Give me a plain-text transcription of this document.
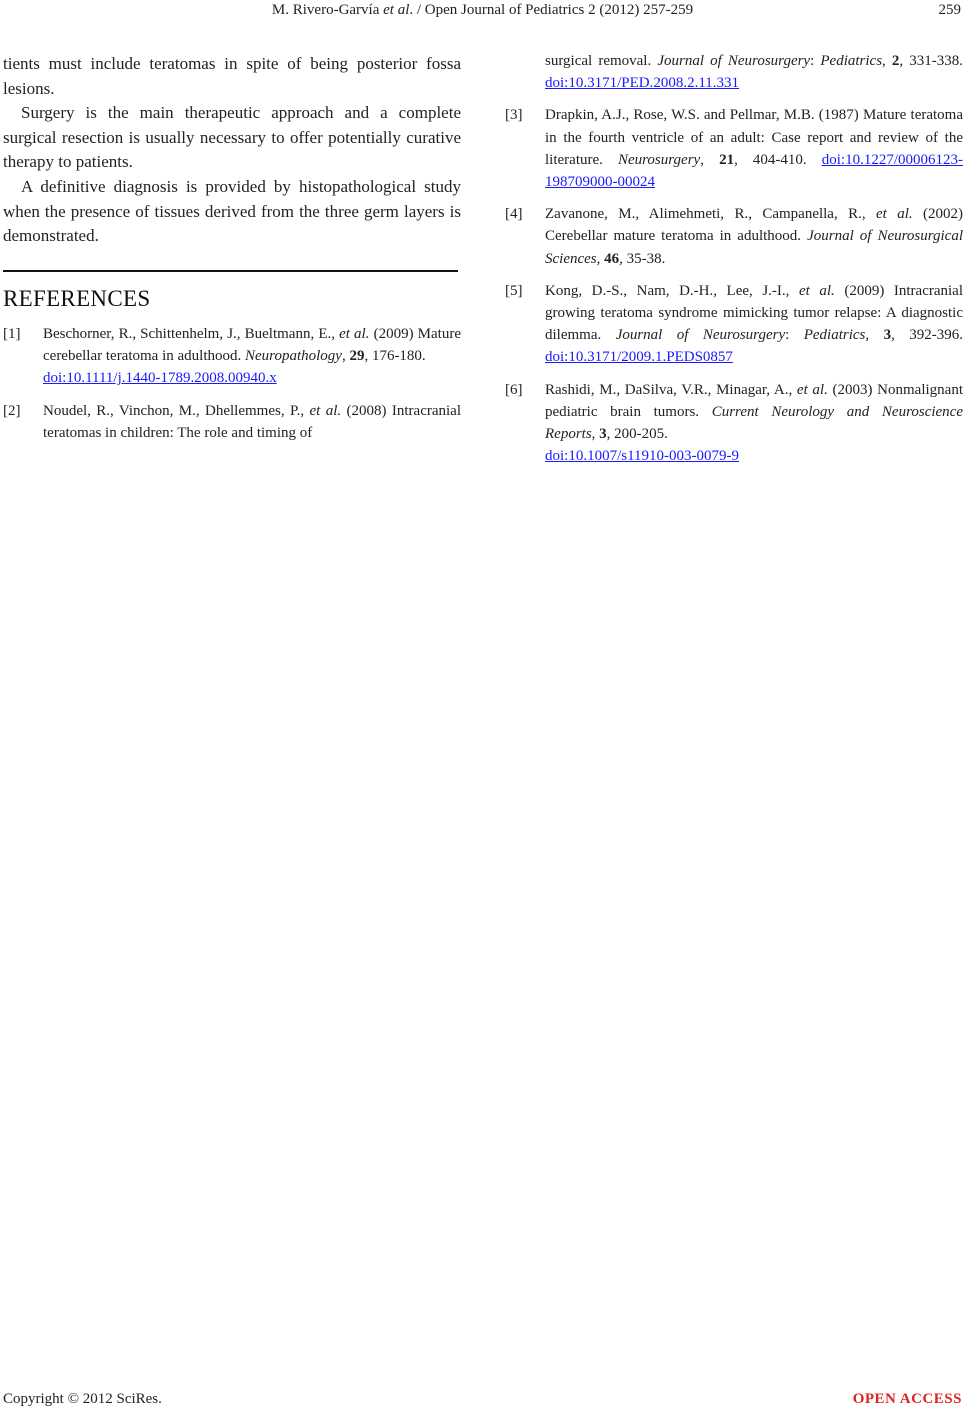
M. Rivero-Garvía et al. / Open Journal of Pediatrics 2 (2012) 257-259	259

tients must include teratomas in spite of being posterior fossa lesions.

Surgery is the main therapeutic approach and a complete surgical resection is usually necessary to offer potentially curative therapy to patients.

A definitive diagnosis is provided by histopathological study when the presence of tissues derived from the three germ layers is demonstrated.

REFERENCES

[1] Beschorner, R., Schittenhelm, J., Bueltmann, E., et al. (2009) Mature cerebellar teratoma in adulthood. Neuropathology, 29, 176-180.
doi:10.1111/j.1440-1789.2008.00940.x

[2] Noudel, R., Vinchon, M., Dhellemmes, P., et al. (2008) Intracranial teratomas in children: The role and timing of

surgical removal. Journal of Neurosurgery: Pediatrics, 2, 331-338. doi:10.3171/PED.2008.2.11.331

[3] Drapkin, A.J., Rose, W.S. and Pellmar, M.B. (1987) Mature teratoma in the fourth ventricle of an adult: Case report and review of the literature. Neurosurgery, 21, 404-410. doi:10.1227/00006123-198709000-00024

[4] Zavanone, M., Alimehmeti, R., Campanella, R., et al. (2002) Cerebellar mature teratoma in adulthood. Journal of Neurosurgical Sciences, 46, 35-38.

[5] Kong, D.-S., Nam, D.-H., Lee, J.-I., et al. (2009) Intracranial growing teratoma syndrome mimicking tumor relapse: A diagnostic dilemma. Journal of Neurosurgery: Pediatrics, 3, 392-396. doi:10.3171/2009.1.PEDS0857

[6] Rashidi, M., DaSilva, V.R., Minagar, A., et al. (2003) Nonmalignant pediatric brain tumors. Current Neurology and Neuroscience Reports, 3, 200-205.
doi:10.1007/s11910-003-0079-9

Copyright © 2012 SciRes.	OPEN ACCESS
